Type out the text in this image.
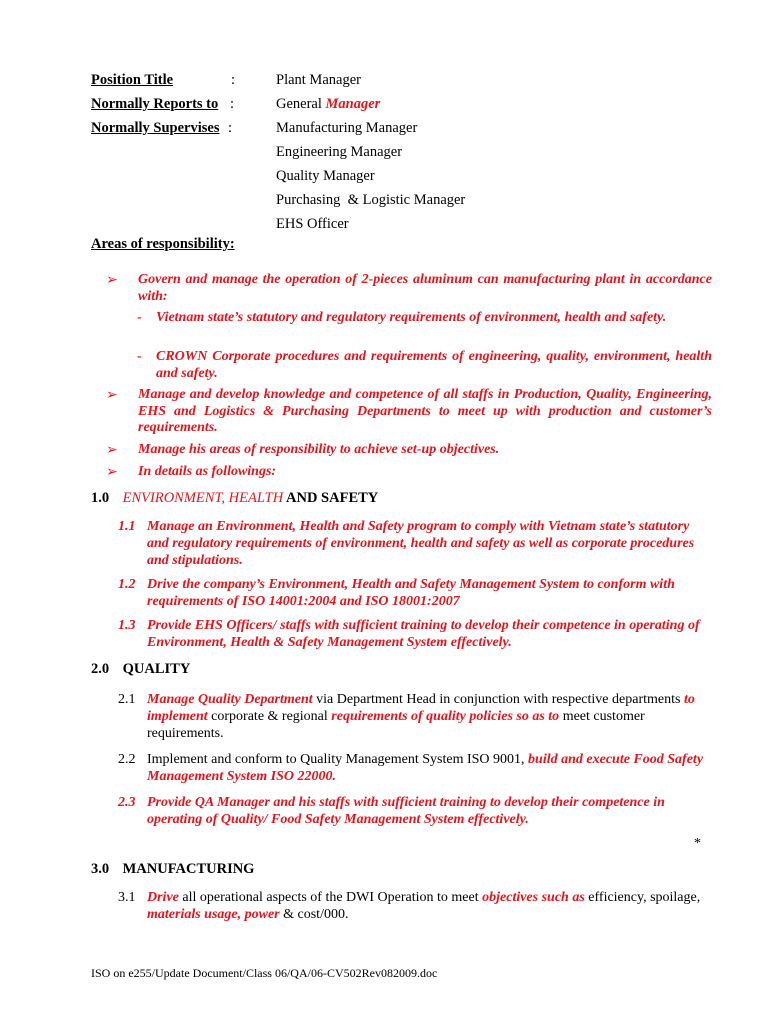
Position Title	:	Plant Manager
Normally Reports to :	General Manager
Normally Supervises :	Manufacturing Manager
Engineering Manager
Quality Manager
Purchasing  & Logistic Manager
EHS Officer
Areas of responsibility:
➢ Govern and manage the operation of 2-pieces aluminum can manufacturing plant in accordance with:
- Vietnam state’s statutory and regulatory requirements of environment, health and safety.
- CROWN Corporate procedures and requirements of engineering, quality, environment, health and safety.
➢ Manage and develop knowledge and competence of all staffs in Production, Quality, Engineering, EHS and Logistics & Purchasing Departments to meet up with production and customer’s requirements.
➢ Manage his areas of responsibility to achieve set-up objectives.
➢ In details as followings:
1.0 ENVIRONMENT, HEALTH AND SAFETY
1.1 Manage an Environment, Health and Safety program to comply with Vietnam state’s statutory and regulatory requirements of environment, health and safety as well as corporate procedures and stipulations.
1.2 Drive the company’s Environment, Health and Safety Management System to conform with requirements of ISO 14001:2004 and ISO 18001:2007
1.3 Provide EHS Officers/ staffs with sufficient training to develop their competence in operating of Environment, Health & Safety Management System effectively.
2.0 QUALITY
2.1 Manage Quality Department via Department Head in conjunction with respective departments to implement corporate & regional requirements of quality policies so as to meet customer requirements.
2.2 Implement and conform to Quality Management System ISO 9001, build and execute Food Safety Management System ISO 22000.
2.3 Provide QA Manager and his staffs with sufficient training to develop their competence in operating of Quality/ Food Safety Management System effectively.
*
3.0 MANUFACTURING
3.1 Drive all operational aspects of the DWI Operation to meet objectives such as efficiency, spoilage, materials usage, power & cost/000.
ISO on e255/Update Document/Class 06/QA/06-CV502Rev082009.doc
